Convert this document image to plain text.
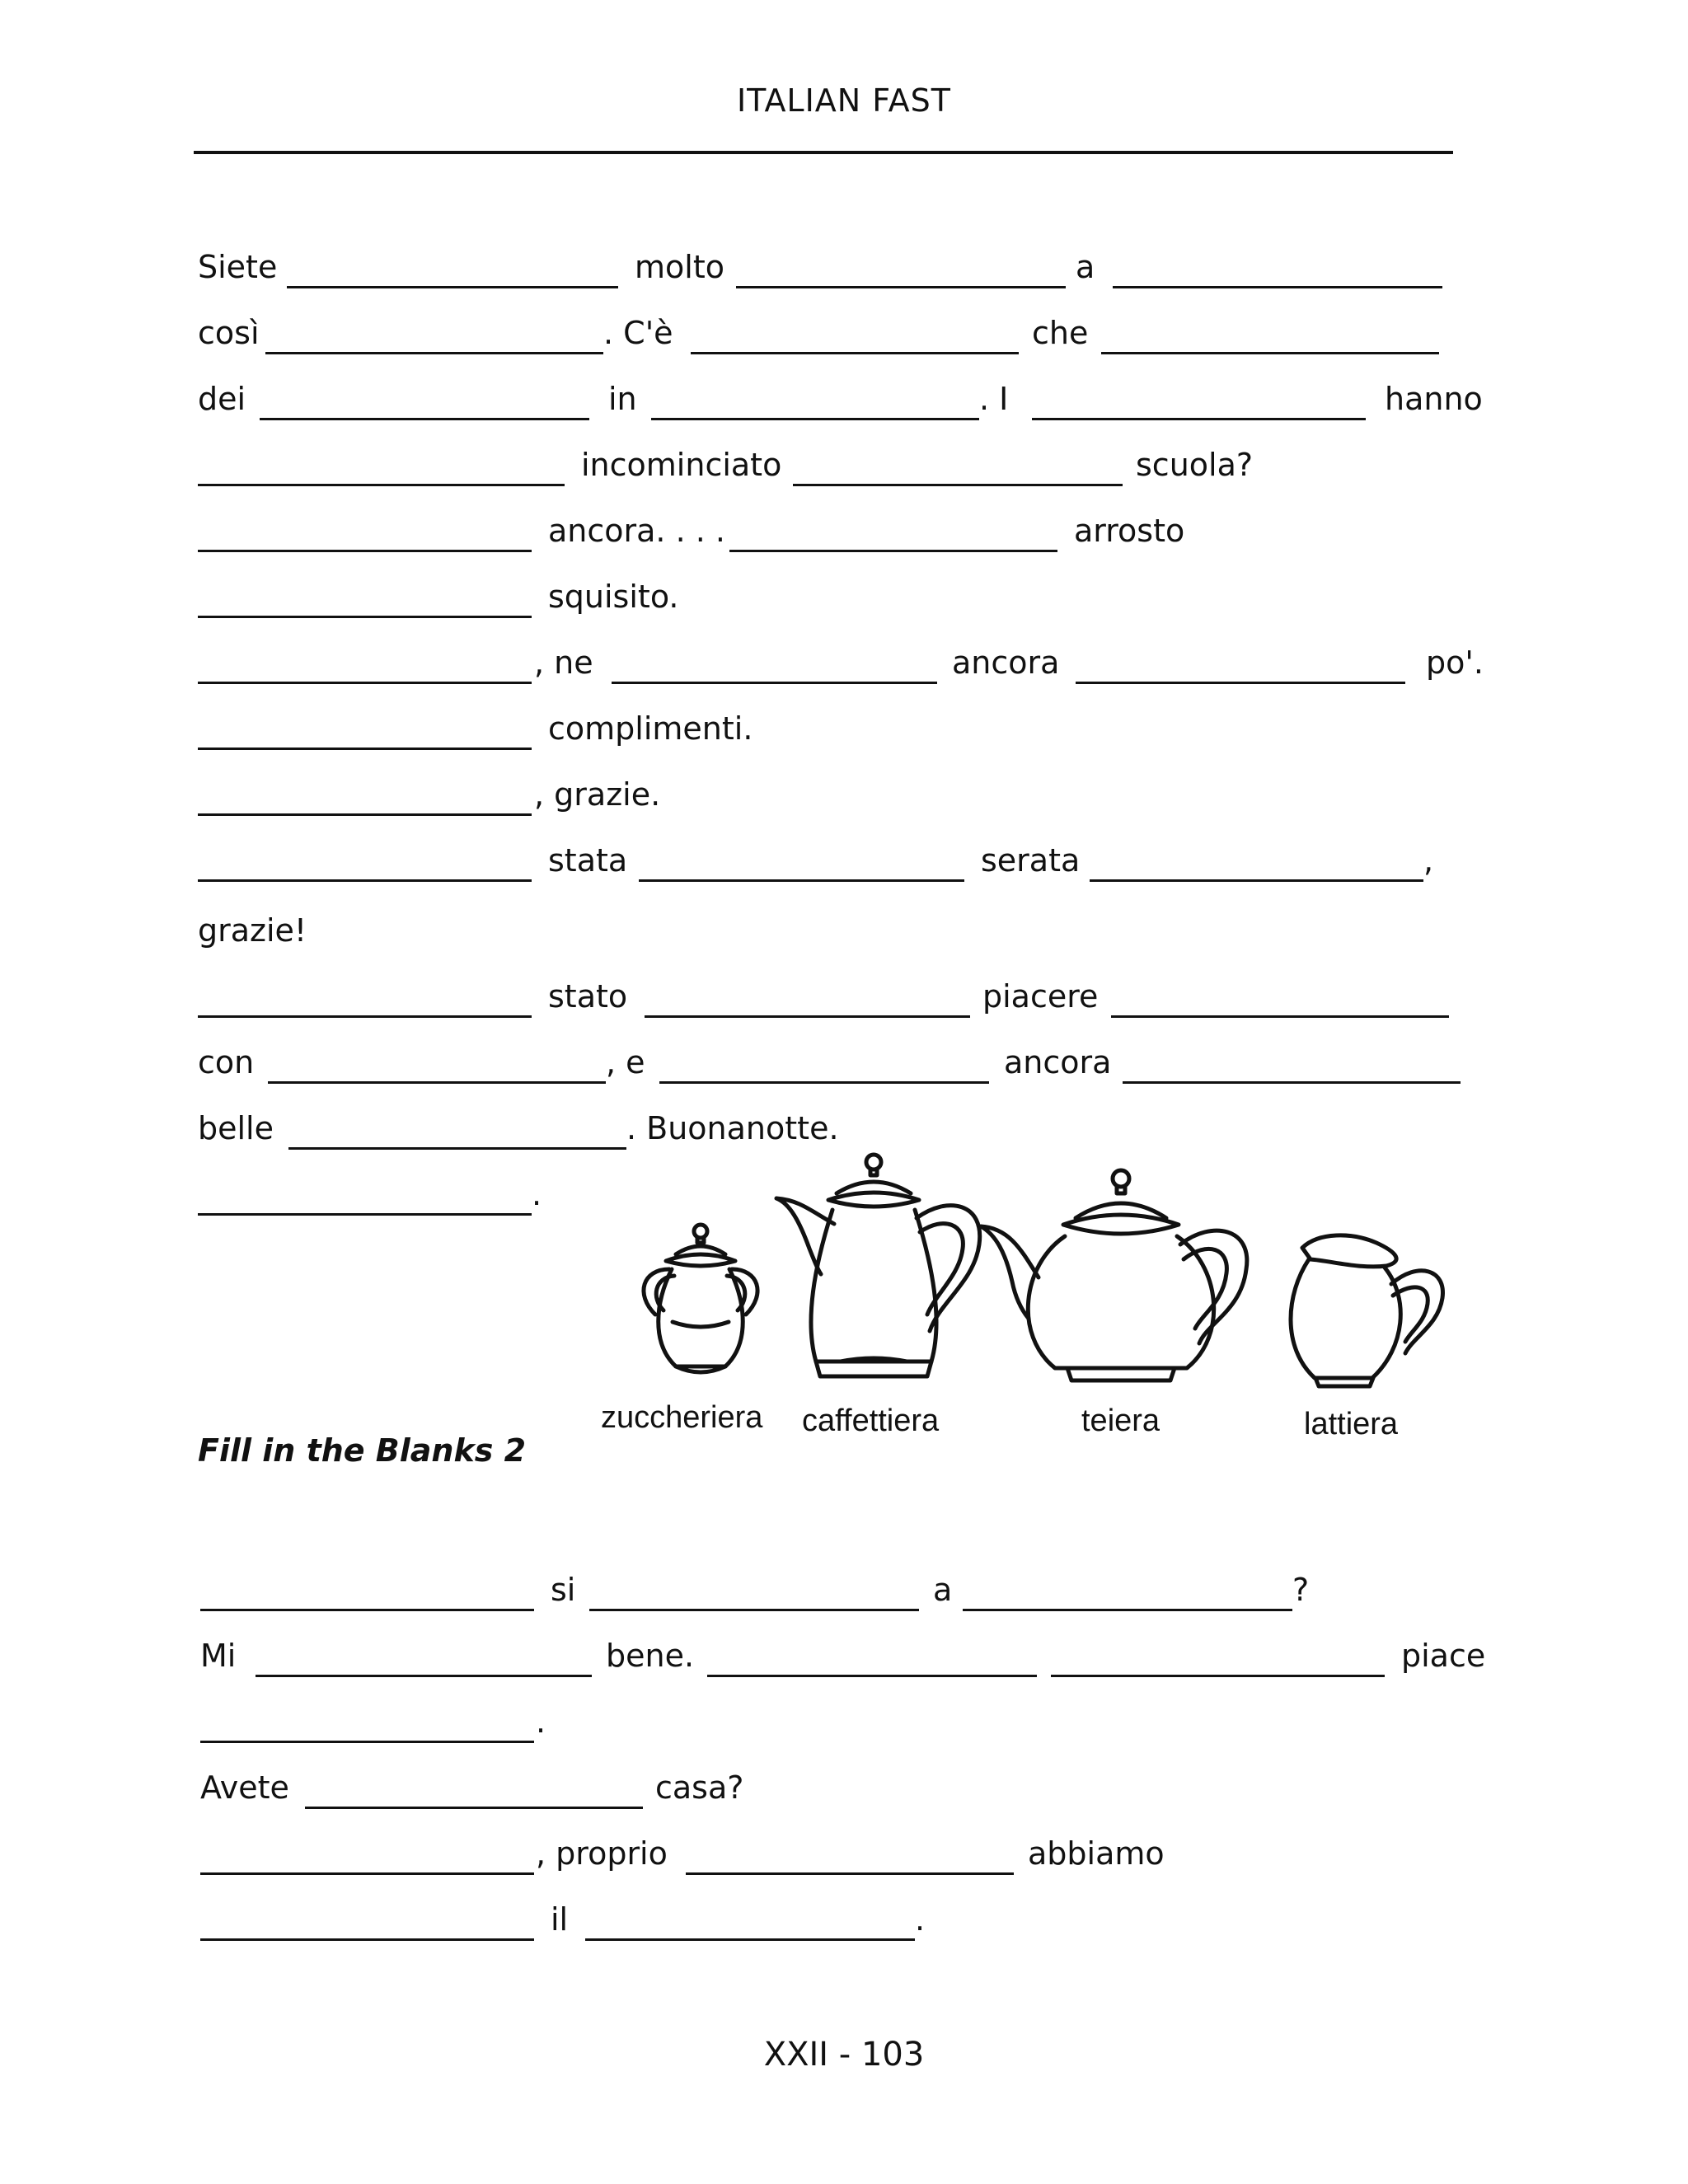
ITALIAN FAST
Siete	molto	a
così	. C'è	che
dei	in	. I	hanno
incominciato	scuola?
ancora. . . .	arrosto
squisito.
, ne	ancora	po'.
complimenti.
, grazie.
stata	serata	,
grazie!
stato	piacere
con	, e	ancora
belle	. Buonanotte.
.
zuccheriera caffettiera	teiera	lattiera
Fill in the Blanks 2
si	a	?
Mi	bene.	piace
.
Avete	casa?
, proprio	abbiamo
il	.
XXII - 103
